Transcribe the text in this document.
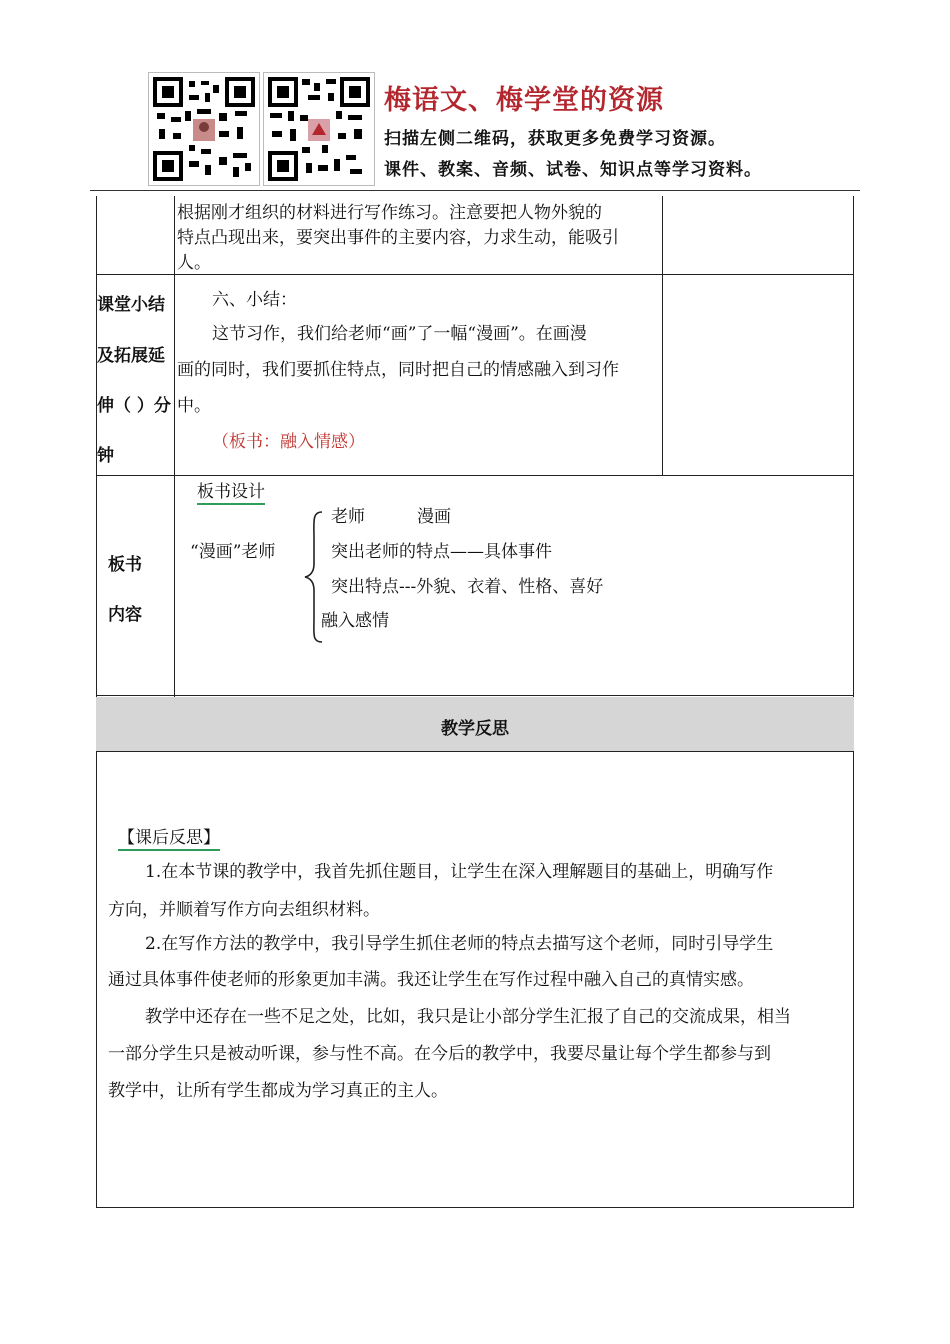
梅语文、梅学堂的资源
扫描左侧二维码，获取更多免费学习资源。
课件、教案、音频、试卷、知识点等学习资料。
根据刚才组织的材料进行写作练习。注意要把人物外貌的
特点凸现出来，要突出事件的主要内容，力求生动，能吸引
人。
课堂小结
及拓展延
伸（ ）分
钟
六、小结：
这节习作，我们给老师“画”了一幅“漫画”。在画漫
画的同时，我们要抓住特点，同时把自己的情感融入到习作
中。
（板书：融入情感）
板书
内容
板书设计
“漫画”老师
老师	漫画
突出老师的特点——具体事件
突出特点---外貌、衣着、性格、喜好
融入感情
教学反思
【课后反思】
1.在本节课的教学中，我首先抓住题目，让学生在深入理解题目的基础上，明确写作
方向，并顺着写作方向去组织材料。
2.在写作方法的教学中，我引导学生抓住老师的特点去描写这个老师，同时引导学生
通过具体事件使老师的形象更加丰满。我还让学生在写作过程中融入自己的真情实感。
教学中还存在一些不足之处，比如，我只是让小部分学生汇报了自己的交流成果，相当
一部分学生只是被动听课，参与性不高。在今后的教学中，我要尽量让每个学生都参与到
教学中，让所有学生都成为学习真正的主人。
